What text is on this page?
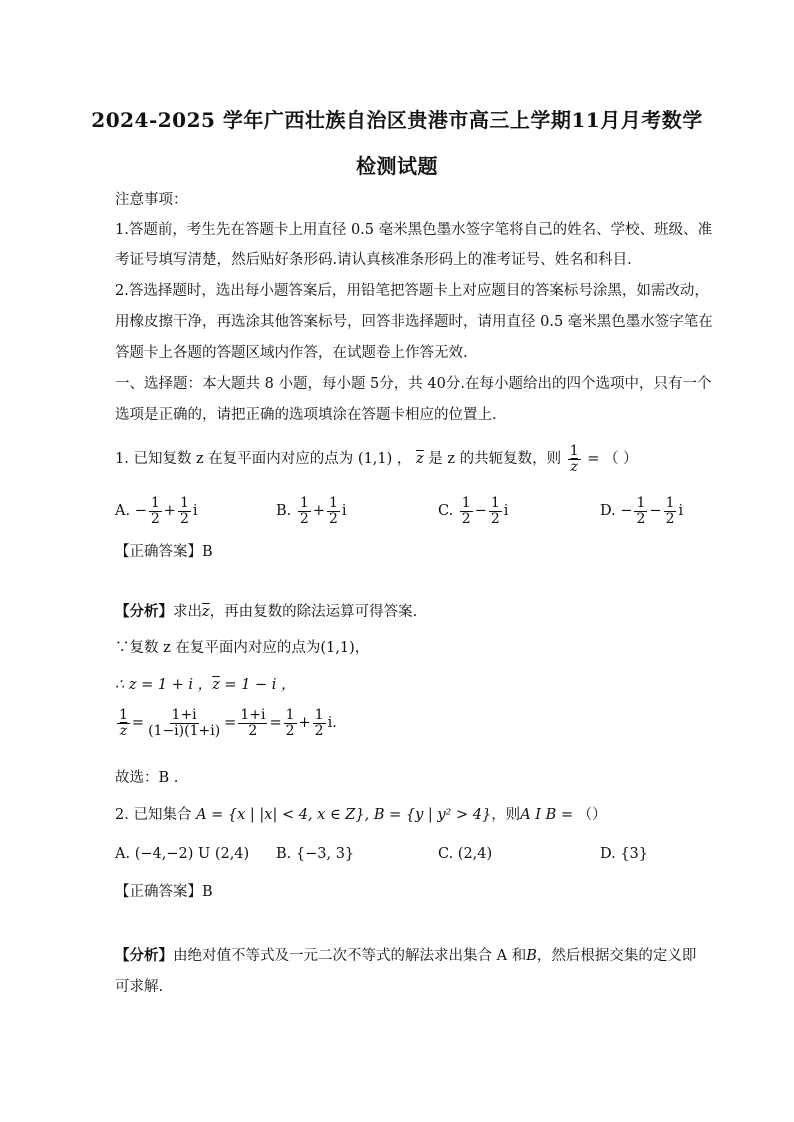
2024-2025 学年广西壮族自治区贵港市高三上学期11月月考数学
检测试题
注意事项：
1.答题前，考生先在答题卡上用直径 0.5 毫米黑色墨水签字笔将自己的姓名、学校、班级、准
考证号填写清楚，然后贴好条形码.请认真核准条形码上的准考证号、姓名和科目.
2.答选择题时，选出每小题答案后，用铅笔把答题卡上对应题目的答案标号涂黑，如需改动，
用橡皮擦干净，再选涂其他答案标号，回答非选择题时，请用直径 0.5 毫米黑色墨水签字笔在
答题卡上各题的答题区域内作答，在试题卷上作答无效.
一、选择题：本大题共 8 小题，每小题 5分，共 40分.在每小题给出的四个选项中，只有一个
选项是正确的，请把正确的选项填涂在答题卡相应的位置上.
1. 已知复数 z 在复平面内对应的点为 (1,1) ， $\overline{z}$ 是 z 的共轭复数，则 $\frac{1}{z}$ = （ ）
A. − $\frac{1}{2} + \frac{1}{2}$ i	B. $\frac{1}{2} + \frac{1}{2}$ i	C. $\frac{1}{2} - \frac{1}{2}$ i	D. − $\frac{1}{2} - \frac{1}{2}$ i
【正确答案】B
【分析】求出$\overline{z}$，再由复数的除法运算可得答案.
∵复数 z 在复平面内对应的点为(1,1)，
∴ z = 1 + i ，$\overline{z} = 1 - i$ ，
$\frac{1}{z} = \frac{1+i}{(1-i)(1+i)} = \frac{1+i}{2} = \frac{1}{2} + \frac{1}{2} i$.
故选：B .
2. 已知集合 A = {x | |x| < 4, x ∈ Z}, B = {y | y² > 4}，则A I B = （）
A. (−4,−2) U (2,4) B. {−3, 3}	C. (2,4)	D. {3}
【正确答案】B
【分析】由绝对值不等式及一元二次不等式的解法求出集合 A 和B，然后根据交集的定义即
可求解.
